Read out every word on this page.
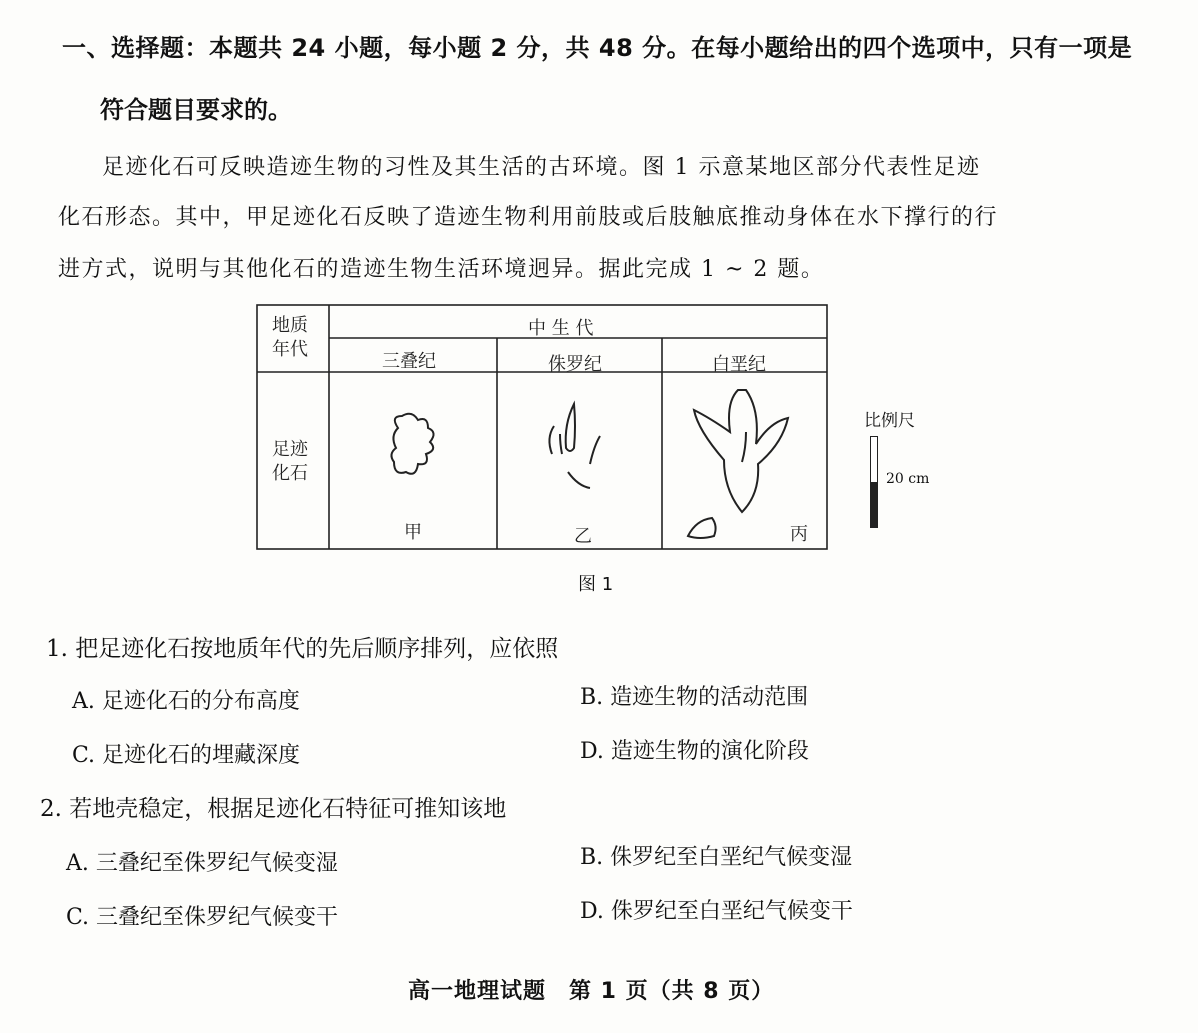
一、选择题：本题共 24 小题，每小题 2 分，共 48 分。在每小题给出的四个选项中，只有一项是
符合题目要求的。
足迹化石可反映造迹生物的习性及其生活的古环境。图 1 示意某地区部分代表性足迹
化石形态。其中，甲足迹化石反映了造迹生物利用前肢或后肢触底推动身体在水下撑行的行
进方式，说明与其他化石的造迹生物生活环境迥异。据此完成 1 ~ 2 题。
地质年代
中 生 代
三叠纪	侏罗纪	白垩纪
足迹化石
甲	乙	丙
比例尺
20 cm
图 1
1. 把足迹化石按地质年代的先后顺序排列，应依照
A. 足迹化石的分布高度	B. 造迹生物的活动范围
C. 足迹化石的埋藏深度	D. 造迹生物的演化阶段
2. 若地壳稳定，根据足迹化石特征可推知该地
A. 三叠纪至侏罗纪气候变湿	B. 侏罗纪至白垩纪气候变湿
C. 三叠纪至侏罗纪气候变干	D. 侏罗纪至白垩纪气候变干
高一地理试题　第 1 页（共 8 页）
